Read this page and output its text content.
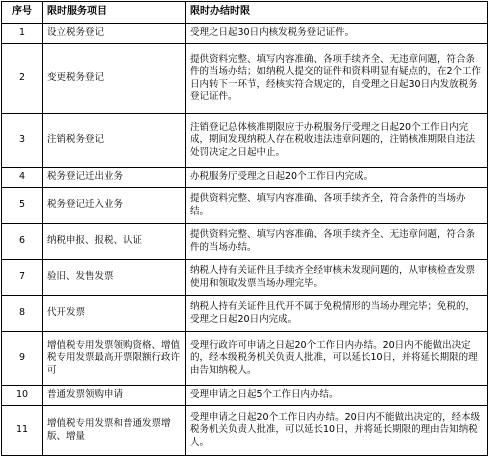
序号	限时服务项目	限时办结时限
1	设立税务登记	受理之日起30日内核发税务登记证件。
2	变更税务登记	提供资料完整、填写内容准确、各项手续齐全、无违章问题，符合条件的当场办结；如纳税人提交的证件和资料明显有疑点的，在2个工作日内转下一环节，经核实符合规定的，自受理之日起30日内发放税务登记证件。
3	注销税务登记	注销登记总体核准期限应于办税服务厅受理之日起20个工作日内完成，期间发现纳税人存在税收违法违章问题的，注销核准期限自违法处罚决定之日起中止。
4	税务登记迁出业务	办税服务厅受理之日起20个工作日内完成。
5	税务登记迁入业务	提供资料完整、填写内容准确、各项手续齐全，符合条件的当场办结。
6	纳税申报、报税、认证	提供资料完整、填写内容准确、各项手续齐全、无违章问题，符合条件的当场办结。
7	验旧、发售发票	纳税人持有关证件且手续齐全经审核未发现问题的，从审核检查发票使用和领取发票当场办理完毕。
8	代开发票	纳税人持有关证件且代开不属于免税情形的当场办理完毕；免税的，受理之日起20日内完成。
9	增值税专用发票领购资格、增值税专用发票最高开票限额行政许可	受理行政许可申请之日起20个工作日内办结。20日内不能做出决定的，经本级税务机关负责人批准，可以延长10日，并将延长期限的理由告知纳税人。
10	普通发票领购申请	受理申请之日起5个工作日内办结。
11	增值税专用发票和普通发票增版、增量	受理申请之日起20个工作日内办结。20日内不能做出决定的，经本级税务机关负责人批准，可以延长10日，并将延长期限的理由告知纳税人。
